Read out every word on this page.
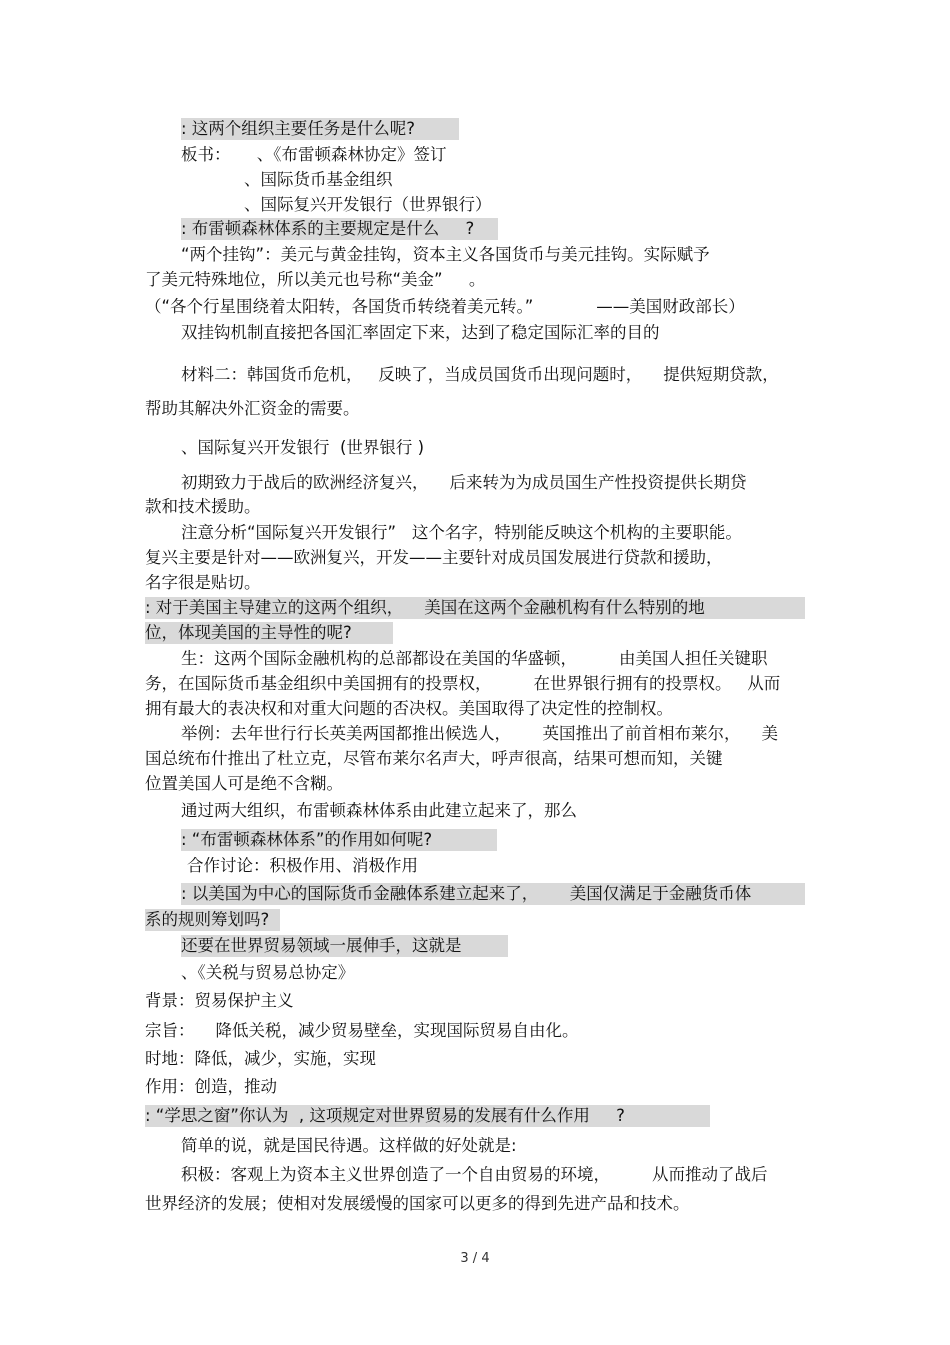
: 这两个组织主要任务是什么呢?
板书：     、《布雷顿森林协定》签订
、国际货币基金组织
、国际复兴开发银行（世界银行）
: 布雷顿森林体系的主要规定是什么     ?
“两个挂钩”：美元与黄金挂钩，资本主义各国货币与美元挂钩。实际赋予
了美元特殊地位，所以美元也号称“美金”     。
（“各个行星围绕着太阳转，各国货币转绕着美元转。”            ——美国财政部长）
双挂钩机制直接把各国汇率固定下来，达到了稳定国际汇率的目的
材料二：韩国货币危机，   反映了，当成员国货币出现问题时，    提供短期贷款，
帮助其解决外汇资金的需要。
、国际复兴开发银行  (世界银行 )
初期致力于战后的欧洲经济复兴，    后来转为为成员国生产性投资提供长期贷
款和技术援助。
注意分析“国际复兴开发银行”   这个名字，特别能反映这个机构的主要职能。
复兴主要是针对——欧洲复兴，开发——主要针对成员国发展进行贷款和援助，
名字很是贴切。
: 对于美国主导建立的这两个组织，    美国在这两个金融机构有什么特别的地
位，体现美国的主导性的呢?
生：这两个国际金融机构的总部都设在美国的华盛顿，        由美国人担任关键职
务，在国际货币基金组织中美国拥有的投票权，        在世界银行拥有的投票权。   从而
拥有最大的表决权和对重大问题的否决权。美国取得了决定性的控制权。
举例：去年世行行长英美两国都推出候选人，      英国推出了前首相布莱尔，    美
国总统布什推出了杜立克，尽管布莱尔名声大，呼声很高，结果可想而知，关键
位置美国人可是绝不含糊。
通过两大组织，布雷顿森林体系由此建立起来了，那么
: “布雷顿森林体系”的作用如何呢?
合作讨论：积极作用、消极作用
: 以美国为中心的国际货币金融体系建立起来了，      美国仅满足于金融货币体
系的规则筹划吗?
还要在世界贸易领域一展伸手，这就是
、《关税与贸易总协定》
背景：贸易保护主义
宗旨：    降低关税，减少贸易壁垒，实现国际贸易自由化。
时地：降低，减少，实施，实现
作用：创造，推动
: “学思之窗”你认为  , 这项规定对世界贸易的发展有什么作用     ?
简单的说，就是国民待遇。这样做的好处就是:
积极：客观上为资本主义世界创造了一个自由贸易的环境，        从而推动了战后
世界经济的发展；使相对发展缓慢的国家可以更多的得到先进产品和技术。
3 / 4
